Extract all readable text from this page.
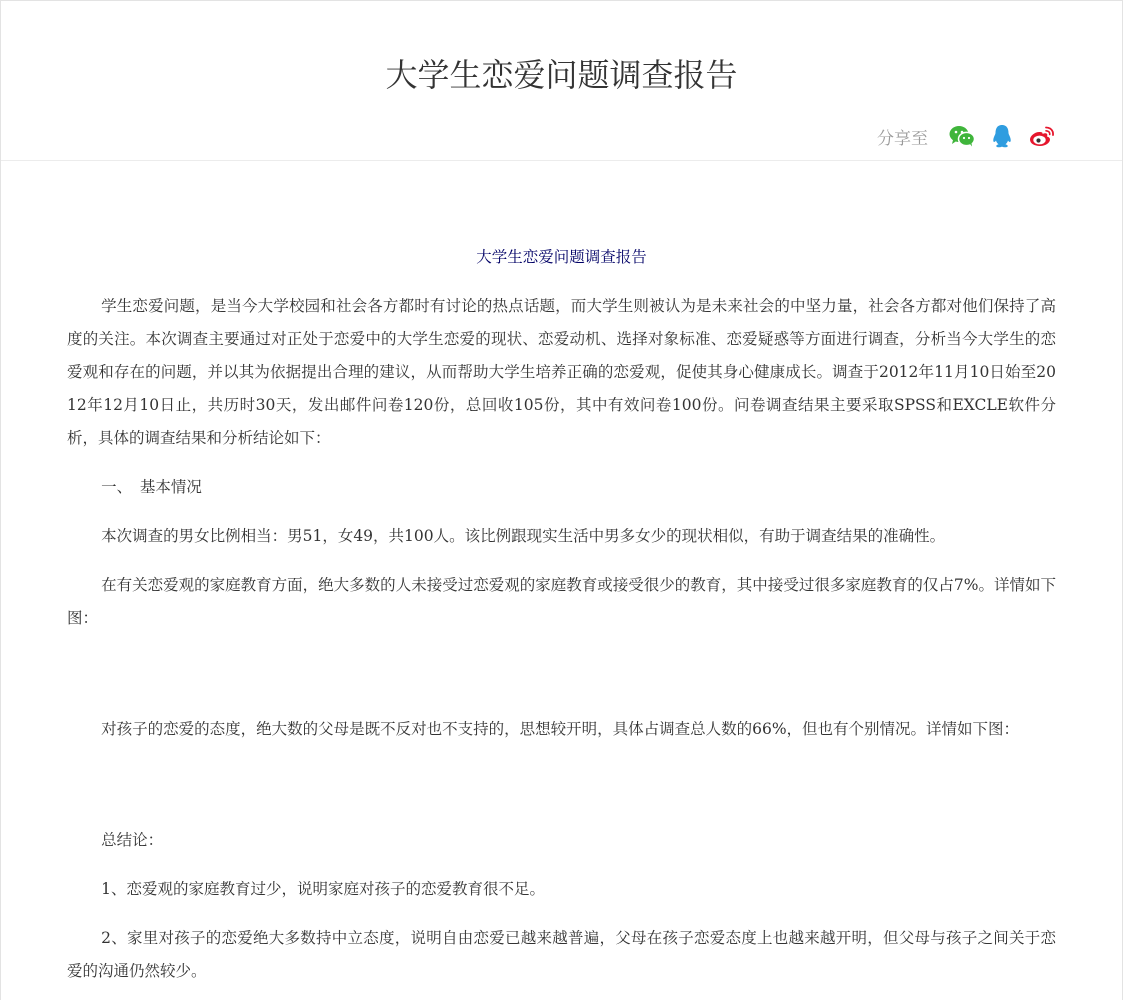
大学生恋爱问题调查报告
分享至
大学生恋爱问题调查报告

学生恋爱问题，是当今大学校园和社会各方都时有讨论的热点话题，而大学生则被认为是未来社会的中坚力量，社会各方都对他们保持了高度的关注。本次调查主要通过对正处于恋爱中的大学生恋爱的现状、恋爱动机、选择对象标准、恋爱疑惑等方面进行调查，分析当今大学生的恋爱观和存在的问题，并以其为依据提出合理的建议，从而帮助大学生培养正确的恋爱观，促使其身心健康成长。调查于2012年11月10日始至2012年12月10日止，共历时30天，发出邮件问卷120份，总回收105份，其中有效问卷100份。问卷调查结果主要采取SPSS和EXCLE软件分析，具体的调查结果和分析结论如下：

一、　基本情况

本次调查的男女比例相当：男51，女49，共100人。该比例跟现实生活中男多女少的现状相似，有助于调查结果的准确性。

在有关恋爱观的家庭教育方面，绝大多数的人未接受过恋爱观的家庭教育或接受很少的教育，其中接受过很多家庭教育的仅占7%。详情如下图：

对孩子的恋爱的态度，绝大数的父母是既不反对也不支持的，思想较开明，具体占调查总人数的66%，但也有个别情况。详情如下图：

总结论：

1、恋爱观的家庭教育过少，说明家庭对孩子的恋爱教育很不足。

2、家里对孩子的恋爱绝大多数持中立态度，说明自由恋爱已越来越普遍，父母在孩子恋爱态度上也越来越开明，但父母与孩子之间关于恋爱的沟通仍然较少。
